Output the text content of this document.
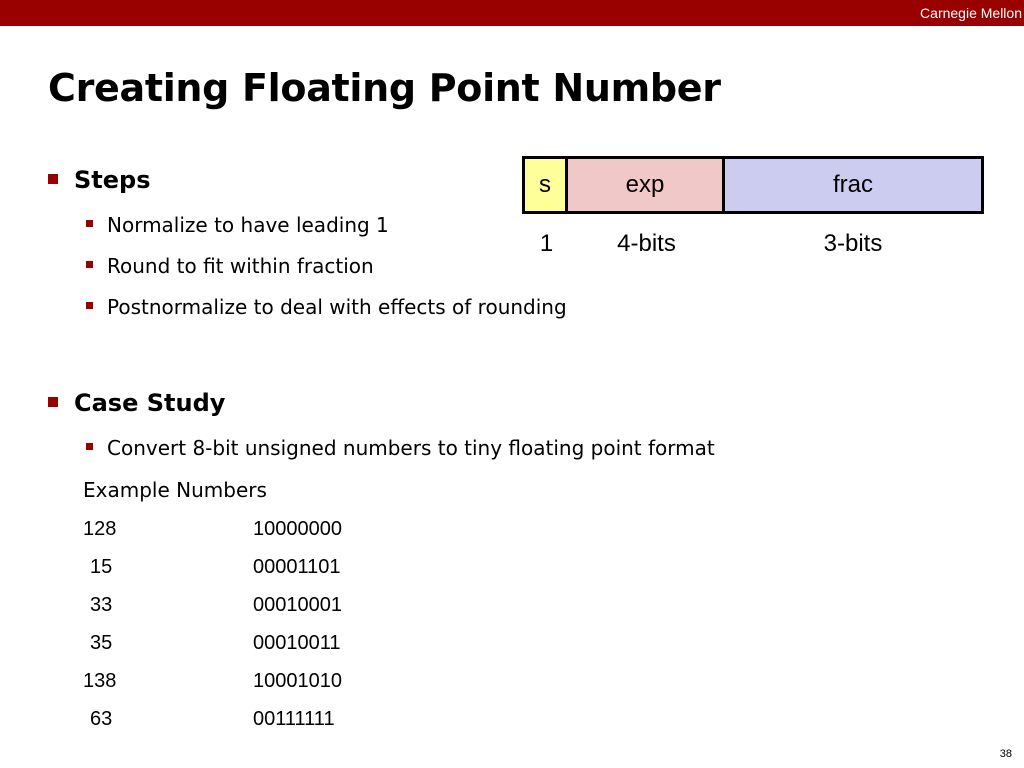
Carnegie Mellon
Creating Floating Point Number
Steps
Normalize to have leading 1
Round to fit within fraction
Postnormalize to deal with effects of rounding
Case Study
Convert 8-bit unsigned numbers to tiny floating point format
Example Numbers
128	10000000
15	00001101
33	00010001
35	00010011
138	10001010
63	00111111
s	exp	frac
1	4-bits	3-bits
38
